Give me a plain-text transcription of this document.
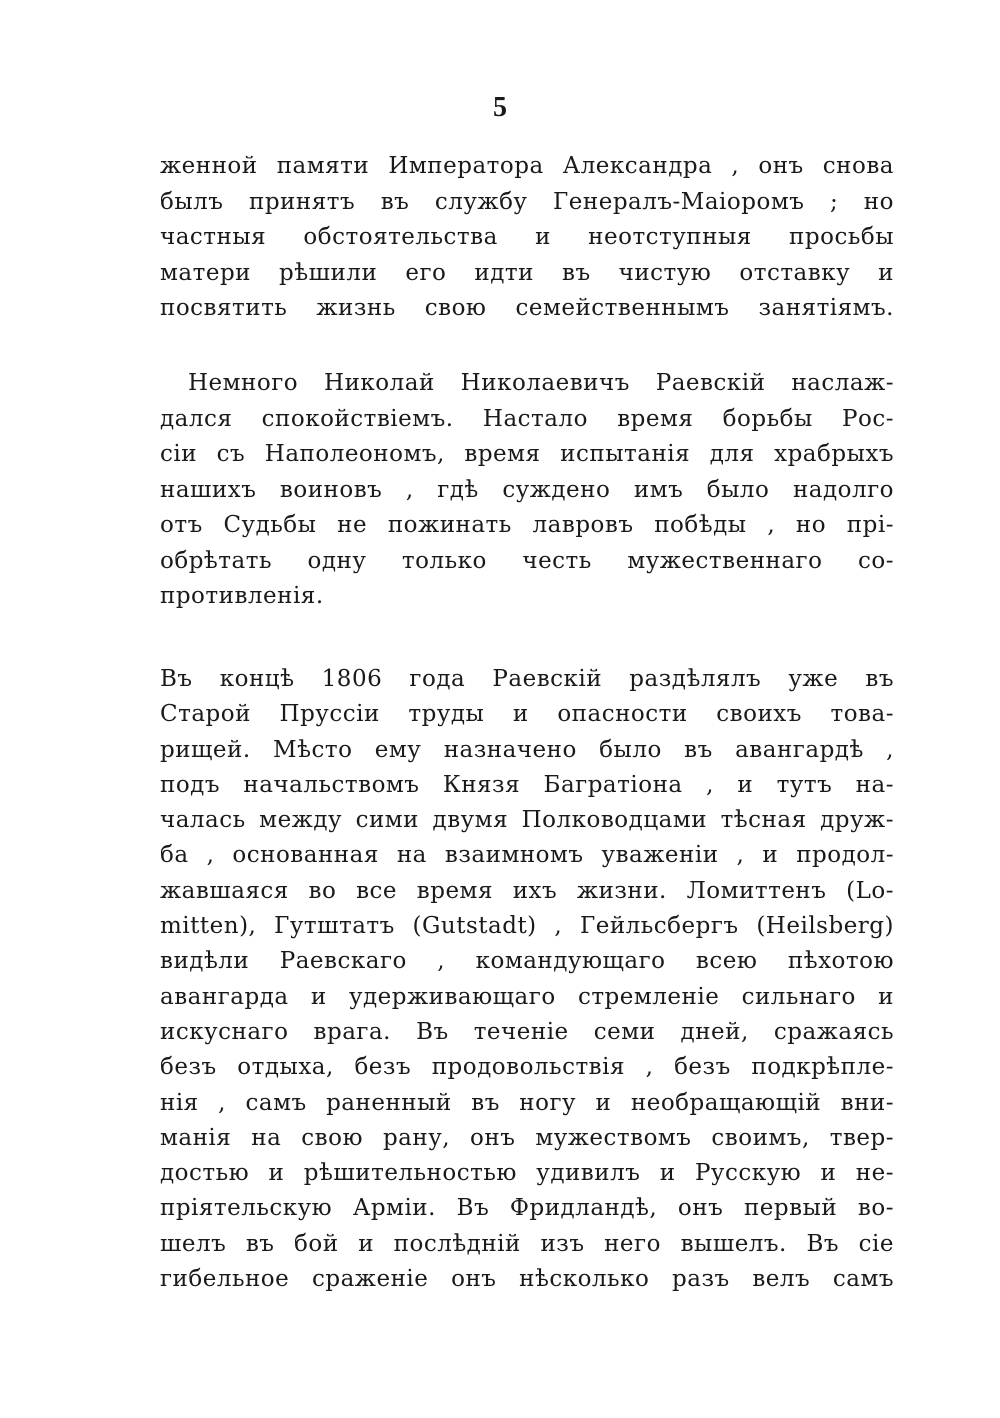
5
женной памяти Императора Александра , онъ снова
былъ принятъ въ службу Генералъ-Маіоромъ ; но
частныя обстоятельства и неотступныя просьбы
матери рѣшили его идти въ чистую отставку и
посвятить жизнь свою семейственнымъ занятіямъ.
Немного Николай Николаевичъ Раевскій наслаж-
дался спокойствіемъ. Настало время борьбы Рос-
сіи съ Наполеономъ, время испытанія для храбрыхъ
нашихъ воиновъ , гдѣ суждено имъ было надолго
отъ Судьбы не пожинать лавровъ побѣды , но прі-
обрѣтать одну только честь мужественнаго со-
противленія.
Въ концѣ 1806 года Раевскій раздѣлялъ уже въ
Старой Пруссіи труды и опасности своихъ това-
рищей. Мѣсто ему назначено было въ авангардѣ ,
подъ начальствомъ Князя Багратіона , и тутъ на-
чалась между сими двумя Полководцами тѣсная друж-
ба , основанная на взаимномъ уваженіи , и продол-
жавшаяся во все время ихъ жизни. Ломиттенъ (Lo-
mitten), Гутштатъ (Gutstadt) , Гейльсбергъ (Heilsberg)
видѣли Раевскаго , командующаго всею пѣхотою
авангарда и удерживающаго стремленіе сильнаго и
искуснаго врага. Въ теченіе семи дней, сражаясь
безъ отдыха, безъ продовольствія , безъ подкрѣпле-
нія , самъ раненный въ ногу и необращающій вни-
манія на свою рану, онъ мужествомъ своимъ, твер-
достью и рѣшительностью удивилъ и Русскую и не-
пріятельскую Арміи. Въ Фридландѣ, онъ первый во-
шелъ въ бой и послѣдній изъ него вышелъ. Въ сіе
гибельное сраженіе онъ нѣсколько разъ велъ самъ
